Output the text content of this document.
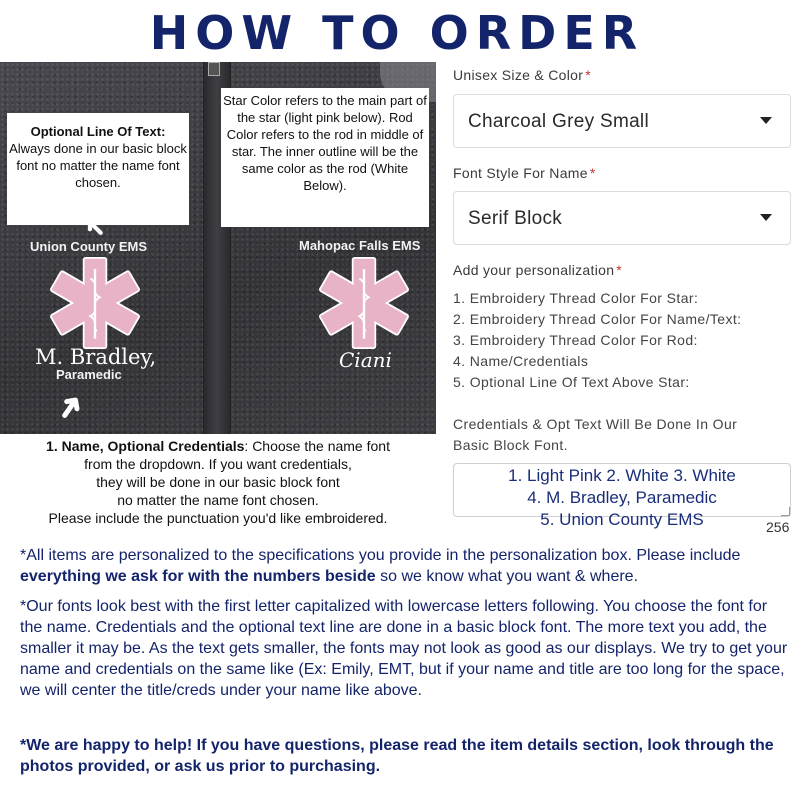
HOW TO ORDER
Optional Line Of Text:
Always done in our basic block font no matter the name font chosen.
Star Color refers to the main part of the star (light pink below). Rod Color refers to the rod in middle of star. The inner outline will be the same color as the rod (White Below).
➜
Union County EMS	Mahopac Falls EMS
M. Bradley,
Paramedic
Ciani
➜
1. Name, Optional Credentials: Choose the name font
from the dropdown. If you want credentials,
they will be done in our basic block font
no matter the name font chosen.
Please include the punctuation you'd like embroidered.
Unisex Size & Color *
Charcoal Grey Small
Font Style For Name *
Serif Block
Add your personalization *
1. Embroidery Thread Color For Star:
2. Embroidery Thread Color For Name/Text:
3. Embroidery Thread Color For Rod:
4. Name/Credentials
5. Optional Line Of Text Above Star:
Credentials & Opt Text Will Be Done In Our
Basic Block Font.
1. Light Pink 2. White 3. White
4. M. Bradley, Paramedic
5. Union County EMS	256
*All items are personalized to the specifications you provide in the personalization box. Please include everything we ask for with the numbers beside so we know what you want & where.
*Our fonts look best with the first letter capitalized with lowercase letters following. You choose the font for the name. Credentials and the optional text line are done in a basic block font. The more text you add, the smaller it may be. As the text gets smaller, the fonts may not look as good as our displays. We try to get your name and credentials on the same like (Ex: Emily, EMT, but if your name and title are too long for the space, we will center the title/creds under your name like above.
*We are happy to help! If you have questions, please read the item details section, look through the photos provided, or ask us prior to purchasing.
